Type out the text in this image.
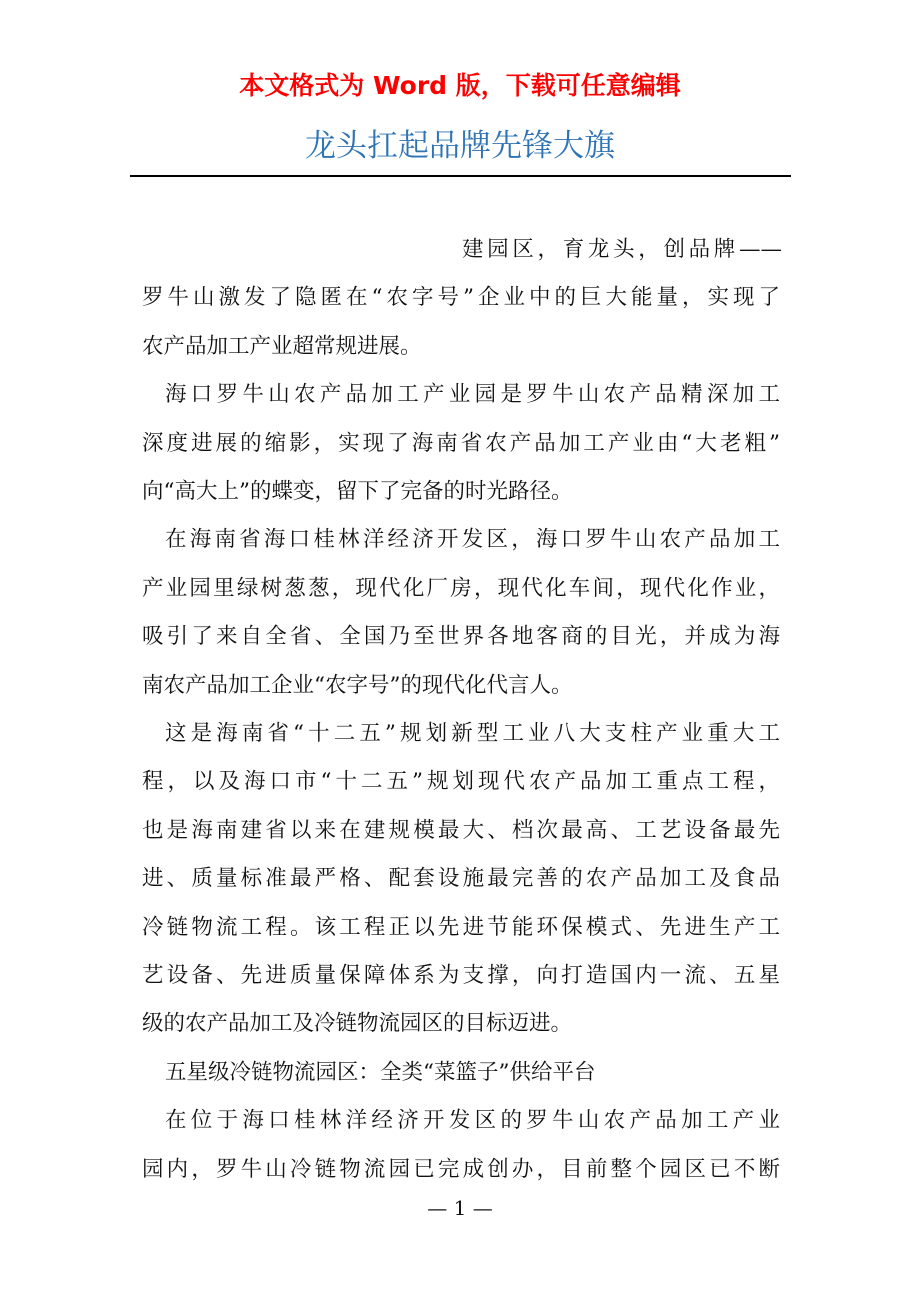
本文格式为 Word 版，下载可任意编辑
龙头扛起品牌先锋大旗
建园区，育龙头，创品牌——
罗牛山激发了隐匿在“农字号”企业中的巨大能量，实现了
农产品加工产业超常规进展。
海口罗牛山农产品加工产业园是罗牛山农产品精深加工
深度进展的缩影，实现了海南省农产品加工产业由“大老粗”
向“高大上”的蝶变，留下了完备的时光路径。
在海南省海口桂林洋经济开发区，海口罗牛山农产品加工
产业园里绿树葱葱，现代化厂房，现代化车间，现代化作业，
吸引了来自全省、全国乃至世界各地客商的目光，并成为海
南农产品加工企业“农字号”的现代化代言人。
这是海南省“十二五”规划新型工业八大支柱产业重大工
程，以及海口市“十二五”规划现代农产品加工重点工程，
也是海南建省以来在建规模最大、档次最高、工艺设备最先
进、质量标准最严格、配套设施最完善的农产品加工及食品
冷链物流工程。该工程正以先进节能环保模式、先进生产工
艺设备、先进质量保障体系为支撑，向打造国内一流、五星
级的农产品加工及冷链物流园区的目标迈进。
五星级冷链物流园区：全类“菜篮子”供给平台
在位于海口桂林洋经济开发区的罗牛山农产品加工产业
园内，罗牛山冷链物流园已完成创办，目前整个园区已不断
— 1 —
